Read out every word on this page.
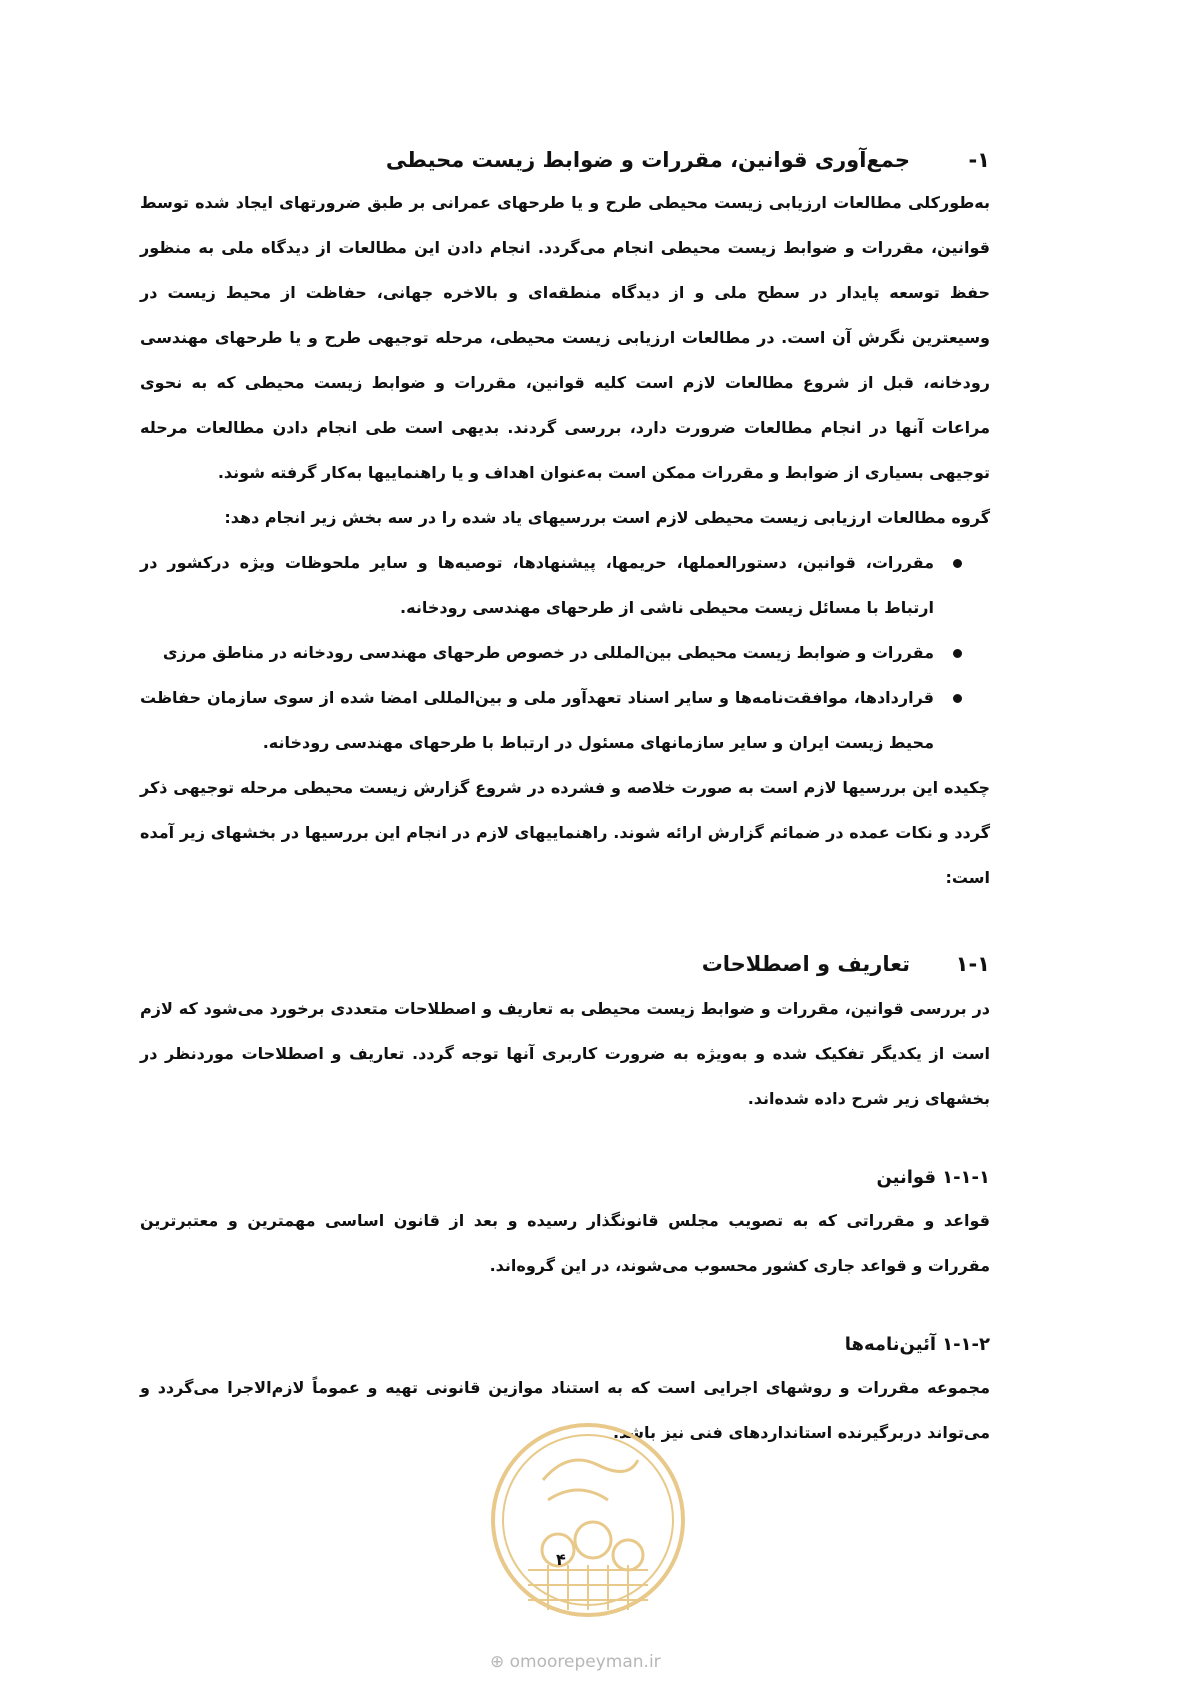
۱-
جمع‌آوری قوانین، مقررات و ضوابط زیست محیطی

به‌طورکلی مطالعات ارزیابی زیست محیطی طرح و یا طرحهای عمرانی بر طبق ضرورتهای ایجاد شده توسط قوانین، مقررات و ضوابط زیست محیطی انجام می‌گردد. انجام دادن این مطالعات از دیدگاه ملی به منظور حفظ توسعه پایدار در سطح ملی و از دیدگاه منطقه‌ای و بالاخره جهانی، حفاظت از محیط زیست در وسیعترین نگرش آن است. در مطالعات ارزیابی زیست محیطی، مرحله توجیهی طرح و یا طرحهای مهندسی رودخانه، قبل از شروع مطالعات لازم است کلیه قوانین، مقررات و ضوابط زیست محیطی که به نحوی مراعات آنها در انجام مطالعات ضرورت دارد، بررسی گردند. بدیهی است طی انجام دادن مطالعات مرحله توجیهی بسیاری از ضوابط و مقررات ممکن است به‌عنوان اهداف و یا راهنماییها به‌کار گرفته شوند.

گروه مطالعات ارزیابی زیست محیطی لازم است بررسیهای یاد شده را در سه بخش زیر انجام دهد:

مقررات، قوانین، دستورالعملها، حریمها، پیشنهادها، توصیه‌ها و سایر ملحوظات ویژه درکشور در ارتباط با مسائل زیست محیطی ناشی از طرحهای مهندسی رودخانه.
مقررات و ضوابط زیست محیطی بین‌المللی در خصوص طرحهای مهندسی رودخانه در مناطق مرزی
قراردادها، موافقت‌نامه‌ها و سایر اسناد تعهدآور ملی و بین‌المللی امضا شده از سوی سازمان حفاظت محیط زیست ایران و سایر سازمانهای مسئول در ارتباط با طرحهای مهندسی رودخانه.

چکیده این بررسیها لازم است به صورت خلاصه و فشرده در شروع گزارش زیست محیطی مرحله توجیهی ذکر گردد و نکات عمده در ضمائم گزارش ارائه شوند. راهنماییهای لازم در انجام این بررسیها در بخشهای زیر آمده است:

۱-۱
تعاریف و اصطلاحات

در بررسی قوانین، مقررات و ضوابط زیست محیطی به تعاریف و اصطلاحات متعددی برخورد می‌شود که لازم است از یکدیگر تفکیک شده و به‌ویژه به ضرورت کاربری آنها توجه گردد. تعاریف و اصطلاحات موردنظر در بخشهای زیر شرح داده شده‌اند.

۱-۱-۱
قوانین

قواعد و مقرراتی که به تصویب مجلس قانونگذار رسیده و بعد از قانون اساسی مهمترین و معتبرترین مقررات و قواعد جاری کشور محسوب می‌شوند، در این گروه‌اند.

۱-۱-۲
آئین‌نامه‌ها

مجموعه مقررات و روشهای اجرایی است که به استناد موازین قانونی تهیه و عموماً لازم‌الاجرا می‌گردد و می‌تواند دربرگیرنده استانداردهای فنی نیز باشد.

۴
⊕ omoorepeyman.ir
